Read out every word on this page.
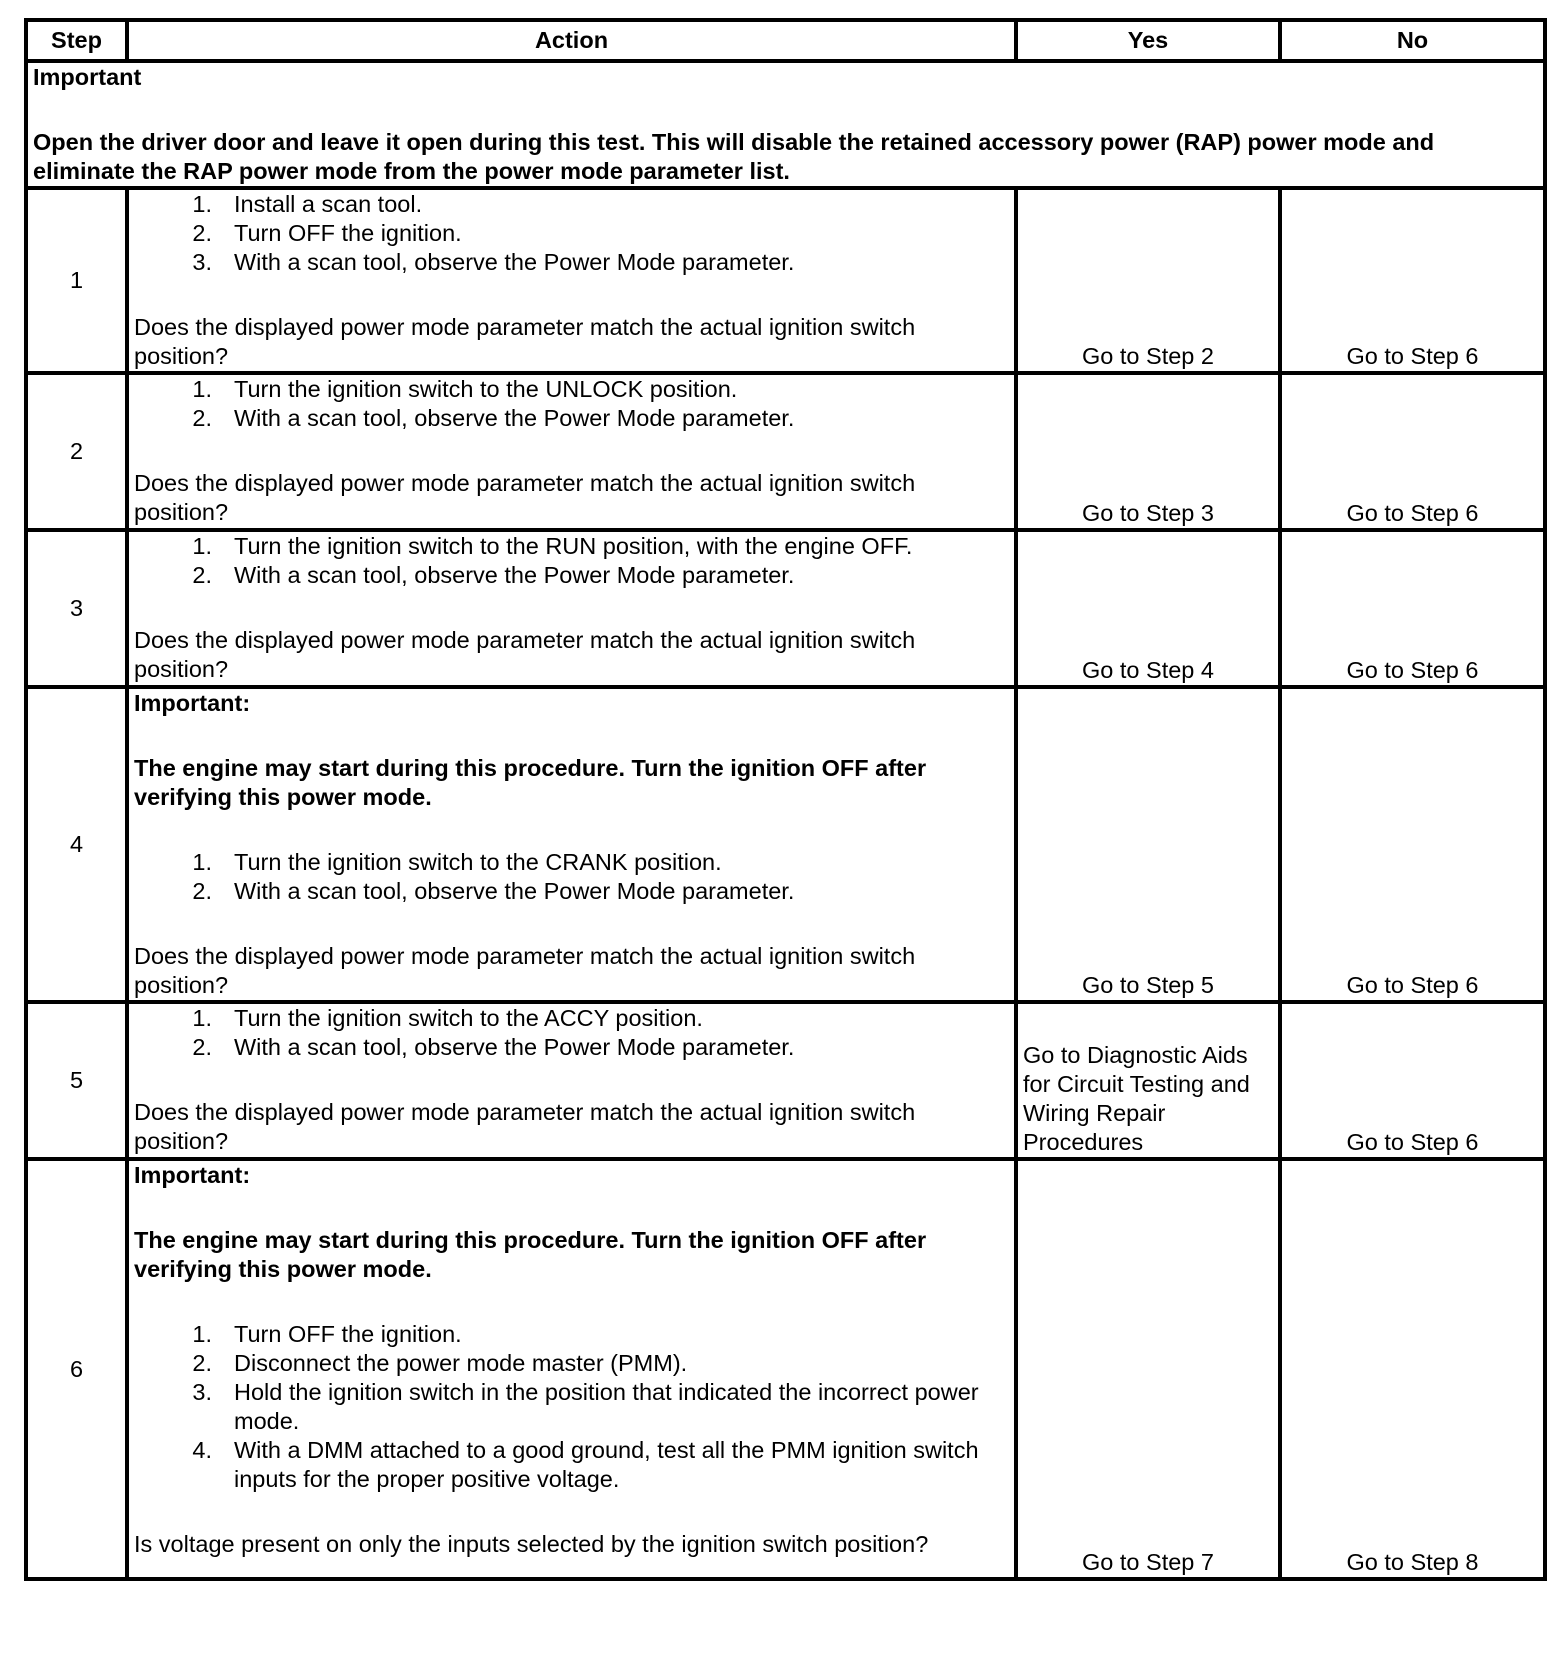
Step	Action	Yes	No

Important

Open the driver door and leave it open during this test. This will disable the retained accessory power (RAP) power mode and eliminate the RAP power mode from the power mode parameter list.			

1	
1. Install a scan tool.
2. Turn OFF the ignition.
3. With a scan tool, observe the Power Mode parameter.
Does the displayed power mode parameter match the actual ignition switch position?	Go to Step 2	Go to Step 6
2	
1. Turn the ignition switch to the UNLOCK position.
2. With a scan tool, observe the Power Mode parameter.
Does the displayed power mode parameter match the actual ignition switch position?	Go to Step 3	Go to Step 6
3	
1. Turn the ignition switch to the RUN position, with the engine OFF.
2. With a scan tool, observe the Power Mode parameter.
Does the displayed power mode parameter match the actual ignition switch position?	Go to Step 4	Go to Step 6
4	

Important:

The engine may start during this procedure. Turn the ignition OFF after verifying this power mode.

1. Turn the ignition switch to the CRANK position.
2. With a scan tool, observe the Power Mode parameter.
Does the displayed power mode parameter match the actual ignition switch position?	Go to Step 5	Go to Step 6
5	
1. Turn the ignition switch to the ACCY position.
2. With a scan tool, observe the Power Mode parameter.
Does the displayed power mode parameter match the actual ignition switch position?
	Go to Diagnostic Aids for Circuit Testing and Wiring Repair Procedures	Go to Step 6
6	

Important:

The engine may start during this procedure. Turn the ignition OFF after verifying this power mode.

1. Turn OFF the ignition.
2. Disconnect the power mode master (PMM).
3. Hold the ignition switch in the position that indicated the incorrect power mode.
4. With a DMM attached to a good ground, test all the PMM ignition switch inputs for the proper positive voltage.
Is voltage present on only the inputs selected by the ignition switch position?
	Go to Step 7	Go to Step 8
